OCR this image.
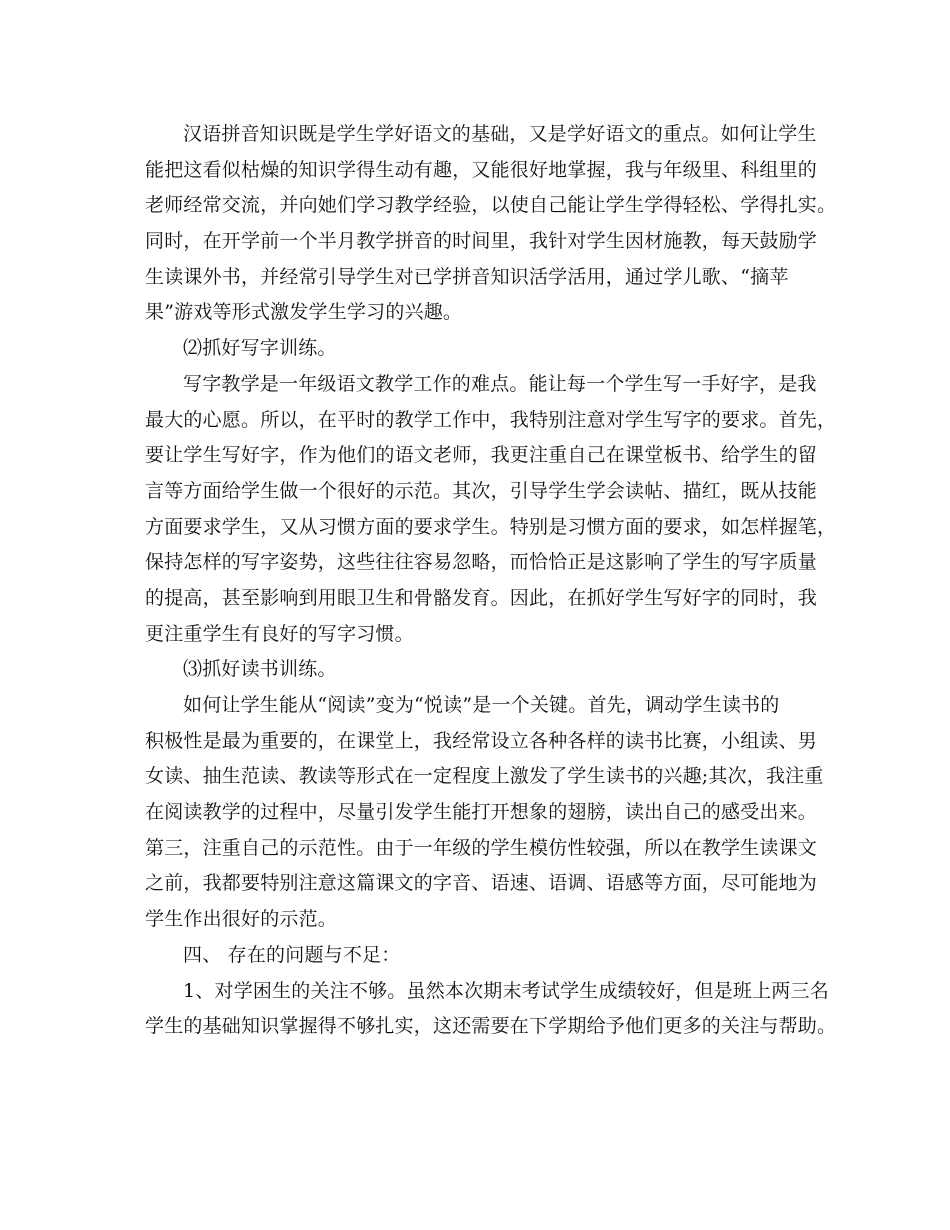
汉语拼音知识既是学生学好语文的基础，又是学好语文的重点。如何让学生
能把这看似枯燥的知识学得生动有趣，又能很好地掌握，我与年级里、科组里的
老师经常交流，并向她们学习教学经验，以使自己能让学生学得轻松、学得扎实。
同时，在开学前一个半月教学拼音的时间里，我针对学生因材施教，每天鼓励学
生读课外书，并经常引导学生对已学拼音知识活学活用，通过学儿歌、“摘苹
果”游戏等形式激发学生学习的兴趣。
⑵抓好写字训练。
写字教学是一年级语文教学工作的难点。能让每一个学生写一手好字，是我
最大的心愿。所以，在平时的教学工作中，我特别注意对学生写字的要求。首先，
要让学生写好字，作为他们的语文老师，我更注重自己在课堂板书、给学生的留
言等方面给学生做一个很好的示范。其次，引导学生学会读帖、描红，既从技能
方面要求学生，又从习惯方面的要求学生。特别是习惯方面的要求，如怎样握笔，
保持怎样的写字姿势，这些往往容易忽略，而恰恰正是这影响了学生的写字质量
的提高，甚至影响到用眼卫生和骨骼发育。因此，在抓好学生写好字的同时，我
更注重学生有良好的写字习惯。
⑶抓好读书训练。
如何让学生能从“阅读”变为“悦读”是一个关键。首先，调动学生读书的
积极性是最为重要的，在课堂上，我经常设立各种各样的读书比赛，小组读、男
女读、抽生范读、教读等形式在一定程度上激发了学生读书的兴趣;其次，我注重
在阅读教学的过程中，尽量引发学生能打开想象的翅膀，读出自己的感受出来。
第三，注重自己的示范性。由于一年级的学生模仿性较强，所以在教学生读课文
之前，我都要特别注意这篇课文的字音、语速、语调、语感等方面，尽可能地为
学生作出很好的示范。
四、 存在的问题与不足：
1、对学困生的关注不够。虽然本次期末考试学生成绩较好，但是班上两三名
学生的基础知识掌握得不够扎实，这还需要在下学期给予他们更多的关注与帮助。
